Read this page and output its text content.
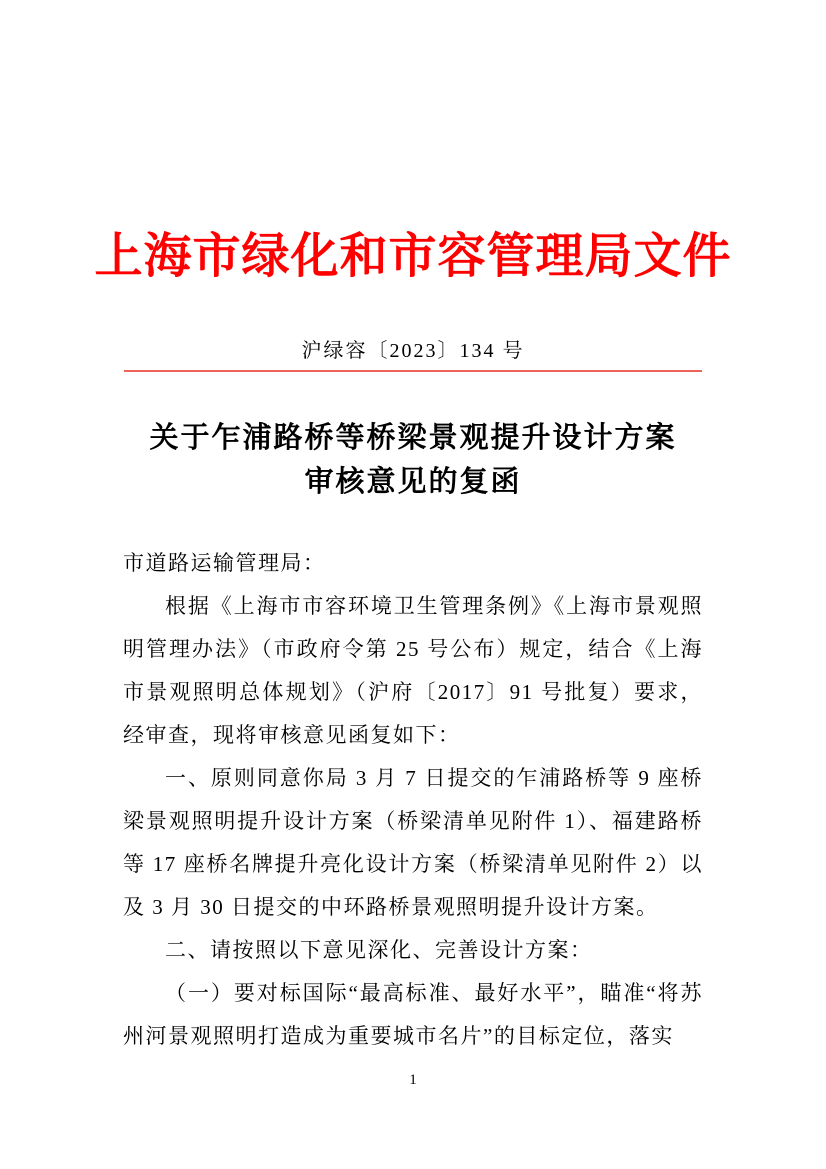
上海市绿化和市容管理局文件
沪绿容〔2023〕134 号
关于乍浦路桥等桥梁景观提升设计方案
审核意见的复函

市道路运输管理局：

根据《上海市市容环境卫生管理条例》《上海市景观照明管理办法》（市政府令第 25 号公布）规定，结合《上海市景观照明总体规划》（沪府〔2017〕91 号批复）要求，经审查，现将审核意见函复如下：

一、原则同意你局 3 月 7 日提交的乍浦路桥等 9 座桥梁景观照明提升设计方案（桥梁清单见附件 1）、福建路桥等 17 座桥名牌提升亮化设计方案（桥梁清单见附件 2）以及 3 月 30 日提交的中环路桥景观照明提升设计方案。

二、请按照以下意见深化、完善设计方案：

（一）要对标国际“最高标准、最好水平”，瞄准“将苏州河景观照明打造成为重要城市名片”的目标定位，落实

1
